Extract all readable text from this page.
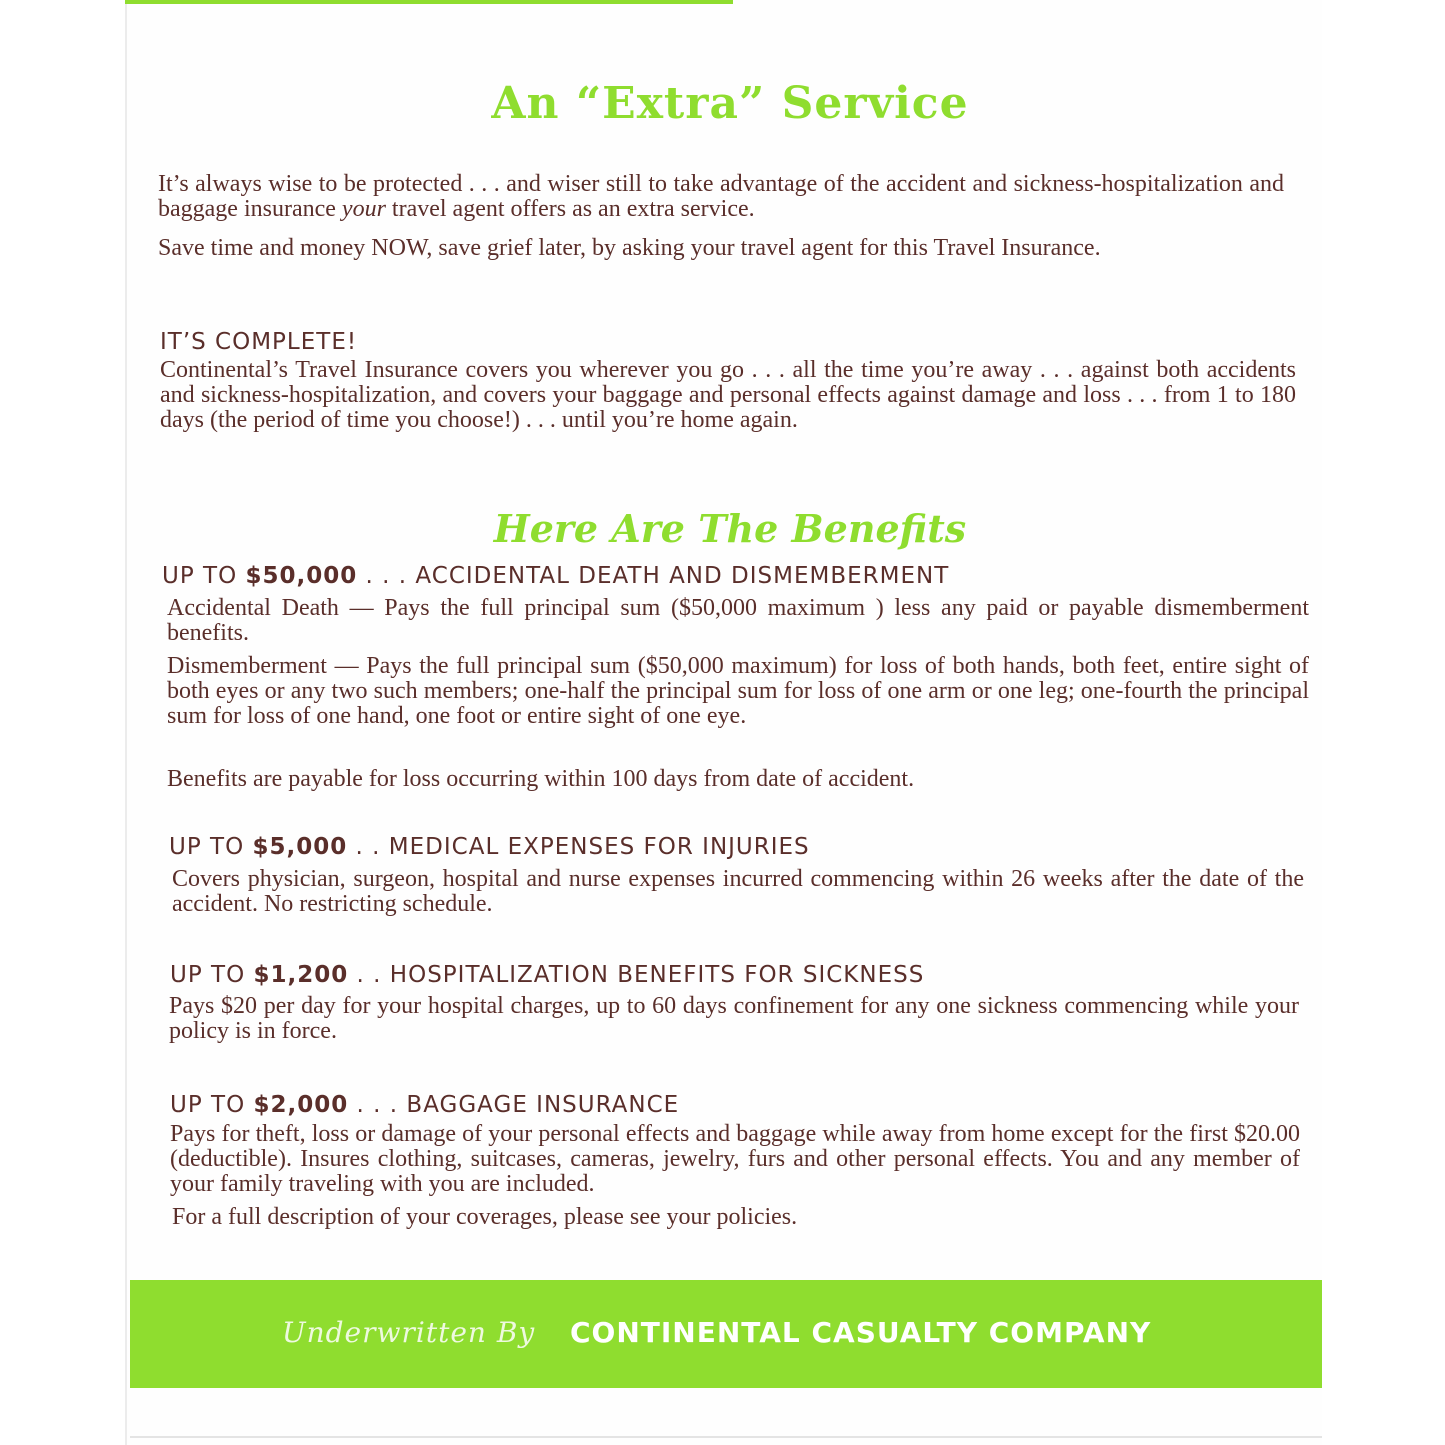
An “Extra” Service

It’s always wise to be protected . . . and wiser still to take advantage of the accident and sickness-hospitalization and baggage insurance your travel agent offers as an extra service.

Save time and money NOW, save grief later, by asking your travel agent for this Travel Insurance.

IT’S COMPLETE!

Continental’s Travel Insurance covers you wherever you go . . . all the time you’re away . . . against both accidents and sickness-hospitalization, and covers your baggage and personal effects against damage and loss . . . from 1 to 180 days (the period of time you choose!) . . . until you’re home again.

Here Are The Benefits

UP TO $50,000 . . . ACCIDENTAL DEATH AND DISMEMBERMENT

Accidental Death — Pays the full principal sum ($50,000 maximum ) less any paid or payable dismemberment benefits.

Dismemberment — Pays the full principal sum ($50,000 maximum) for loss of both hands, both feet, entire sight of both eyes or any two such members; one-half the principal sum for loss of one arm or one leg; one-fourth the principal sum for loss of one hand, one foot or entire sight of one eye.

Benefits are payable for loss occurring within 100 days from date of accident.

UP TO $5,000 . . MEDICAL EXPENSES FOR INJURIES

Covers physician, surgeon, hospital and nurse expenses incurred commencing within 26 weeks after the date of the accident. No restricting schedule.

UP TO $1,200 . . HOSPITALIZATION BENEFITS FOR SICKNESS

Pays $20 per day for your hospital charges, up to 60 days confinement for any one sickness commencing while your policy is in force.

UP TO $2,000 . . . BAGGAGE INSURANCE

Pays for theft, loss or damage of your personal effects and baggage while away from home except for the first $20.00 (deductible). Insures clothing, suitcases, cameras, jewelry, furs and other personal effects. You and any member of your family traveling with you are included.

For a full description of your coverages, please see your policies.

Underwritten By CONTINENTAL CASUALTY COMPANY
